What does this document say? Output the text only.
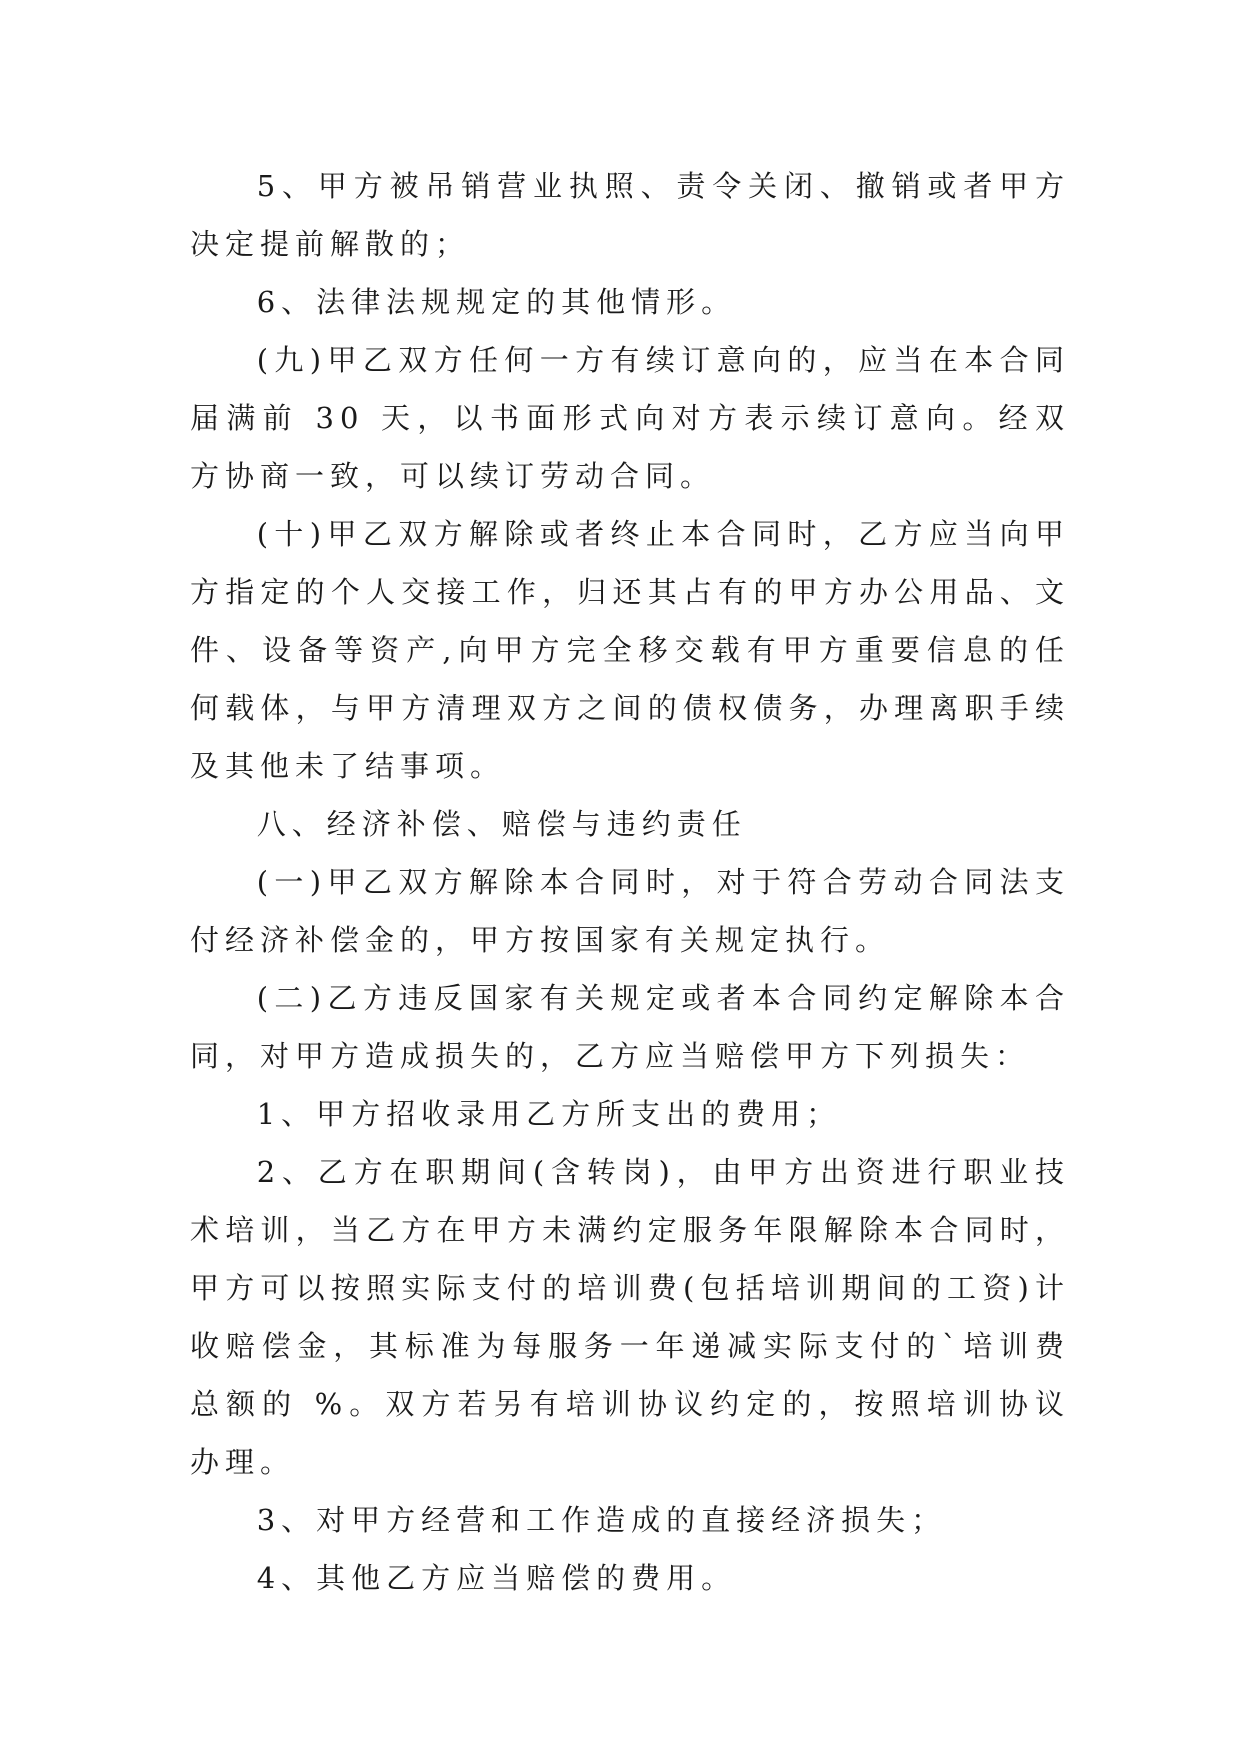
5、甲方被吊销营业执照、责令关闭、撤销或者甲方决定提前解散的；

6、法律法规规定的其他情形。

(九)甲乙双方任何一方有续订意向的，应当在本合同届满前 30 天，以书面形式向对方表示续订意向。经双方协商一致，可以续订劳动合同。

(十)甲乙双方解除或者终止本合同时，乙方应当向甲方指定的个人交接工作，归还其占有的甲方办公用品、文件、设备等资产,向甲方完全移交载有甲方重要信息的任何载体，与甲方清理双方之间的债权债务，办理离职手续及其他未了结事项。

八、经济补偿、赔偿与违约责任

(一)甲乙双方解除本合同时，对于符合劳动合同法支付经济补偿金的，甲方按国家有关规定执行。

(二)乙方违反国家有关规定或者本合同约定解除本合同，对甲方造成损失的，乙方应当赔偿甲方下列损失：

1、甲方招收录用乙方所支出的费用；

2、乙方在职期间(含转岗)，由甲方出资进行职业技术培训，当乙方在甲方未满约定服务年限解除本合同时，甲方可以按照实际支付的培训费(包括培训期间的工资)计收赔偿金，其标准为每服务一年递减实际支付的`培训费总额的 %。双方若另有培训协议约定的，按照培训协议办理。

3、对甲方经营和工作造成的直接经济损失；

4、其他乙方应当赔偿的费用。
